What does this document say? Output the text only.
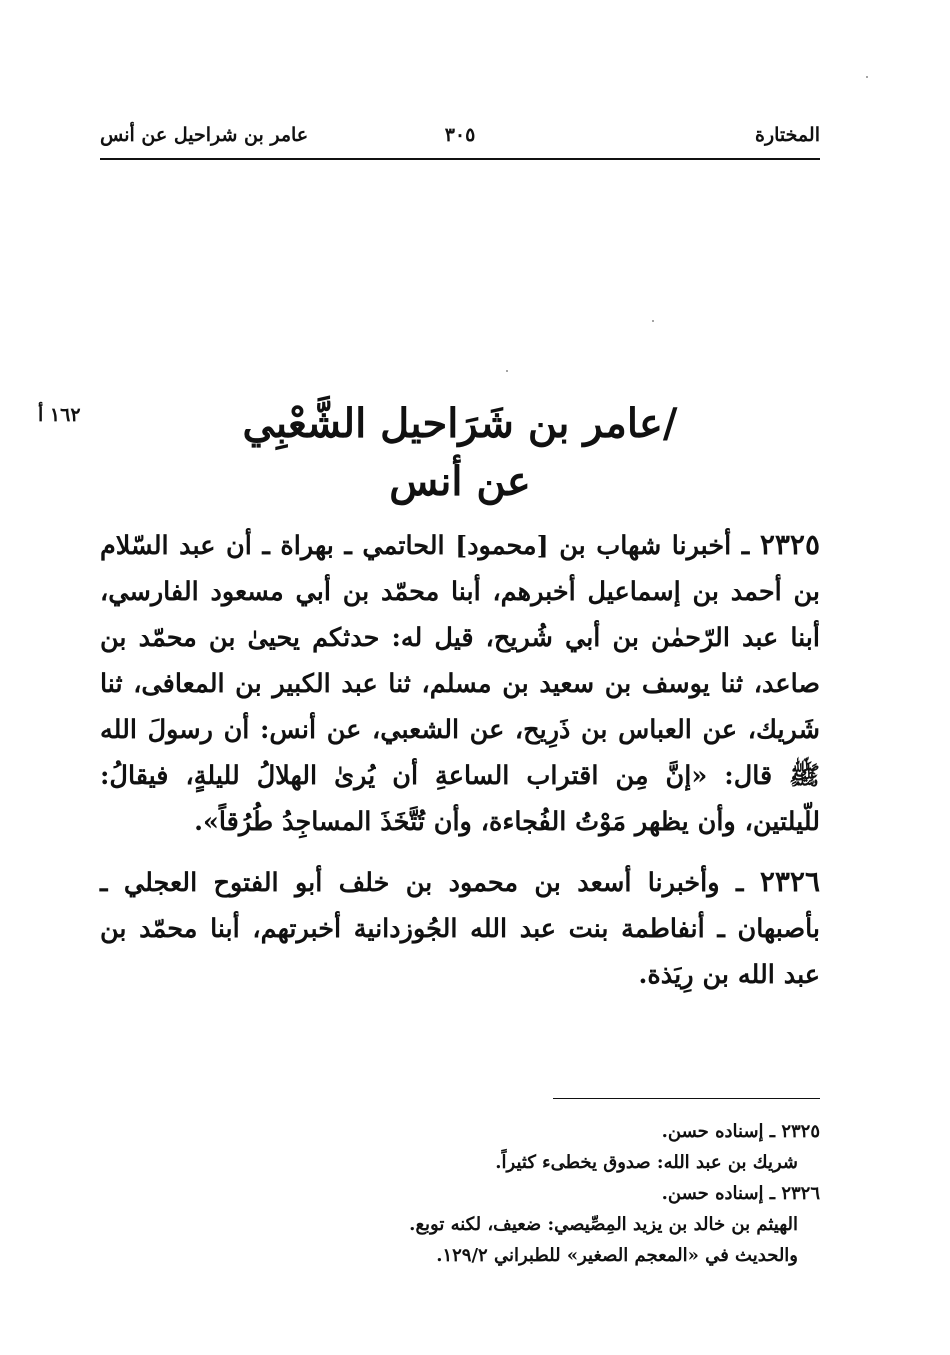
المختارة
٣٠٥
عامر بن شراحيل عن أنس
١٦٢ أ	/عامر بن شَرَاحيل الشَّعْبِي

عن أنس

٢٣٢٥ ـ أخبرنا شهاب بن [محمود] الحاتمي ـ بهراة ـ أن عبد السّلام بن أحمد بن إسماعيل أخبرهم، أبنا محمّد بن أبي مسعود الفارسي، أبنا عبد الرّحمٰن بن أبي شُريح، قيل له: حدثكم يحيىٰ بن محمّد بن صاعد، ثنا يوسف بن سعيد بن مسلم، ثنا عبد الكبير بن المعافى، ثنا شَريك، عن العباس بن ذَرِيح، عن الشعبي، عن أنس: أن رسولَ الله ﷺ قال: «إنَّ مِن اقتراب الساعةِ أن يُرىٰ الهلالُ لليلةٍ، فيقالُ: للّيلتين، وأن يظهر مَوْتُ الفُجاءة، وأن تُتَّخَذَ المساجِدُ طُرُقاً».

٢٣٢٦ ـ وأخبرنا أسعد بن محمود بن خلف أبو الفتوح العجلي ـ بأصبهان ـ أنفاطمة بنت عبد الله الجُوزدانية أخبرتهم، أبنا محمّد بن عبد الله بن رِيَذة.

٢٣٢٥ ـ إسناده حسن.
شريك بن عبد الله: صدوق يخطىء كثيراً.
٢٣٢٦ ـ إسناده حسن.
الهيثم بن خالد بن يزيد المِصِّيصي: ضعيف، لكنه توبع.
والحديث في «المعجم الصغير» للطبراني ١٢٩/٢.
